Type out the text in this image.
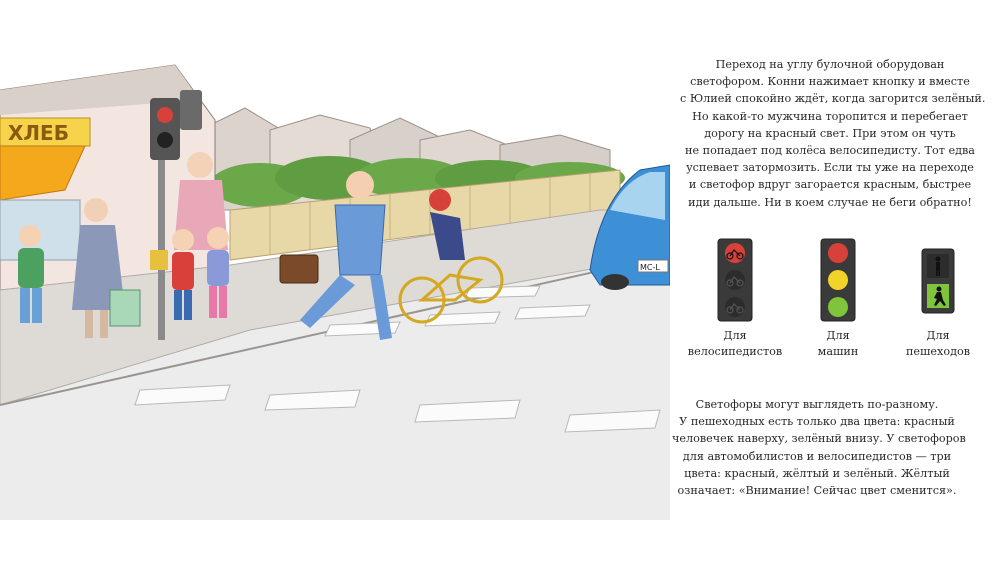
ХЛЕБ
MC-L
Переход на углу булочной оборудован
светофором. Конни нажимает кнопку и вместе
с Юлией спокойно ждёт, когда загорится зелёный.
Но какой-то мужчина торопится и перебегает
дорогу на красный свет. При этом он чуть
не попадает под колёса велосипедисту. Тот едва
успевает затормозить. Если ты уже на переходе
и светофор вдруг загорается красным, быстрее
иди дальше. Ни в коем случае не беги обратно!
Для
велосипедистов
Для
машин
Для
пешеходов
Светофоры могут выглядеть по-разному.
У пешеходных есть только два цвета: красный
человечек наверху, зелёный внизу. У светофоров
для автомобилистов и велосипедистов — три
цвета: красный, жёлтый и зелёный. Жёлтый
означает: «Внимание! Сейчас цвет сменится».
